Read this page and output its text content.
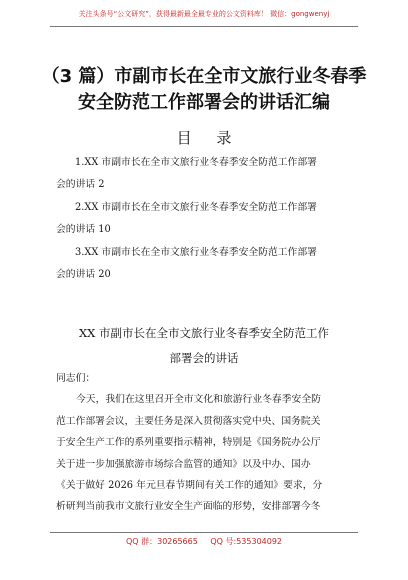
关注头条号“公文研究”，获得最新最全最专业的公文资料库！ 微信：gongwenyj
（3 篇）市副市长在全市文旅行业冬春季
安全防范工作部署会的讲话汇编
目 录
1.XX 市副市长在全市文旅行业冬春季安全防范工作部署
会的讲话 2
2.XX 市副市长在全市文旅行业冬春季安全防范工作部署
会的讲话 10
3.XX 市副市长在全市文旅行业冬春季安全防范工作部署
会的讲话 20
XX 市副市长在全市文旅行业冬春季安全防范工作
部署会的讲话
同志们：
今天，我们在这里召开全市文化和旅游行业冬春季安全防
范工作部署会议，主要任务是深入贯彻落实党中央、国务院关
于安全生产工作的系列重要指示精神，特别是《国务院办公厅
关于进一步加强旅游市场综合监管的通知》以及中办、国办
《关于做好 2026 年元旦春节期间有关工作的通知》要求，分
析研判当前我市文旅行业安全生产面临的形势，安排部署今冬
QQ 群：30265665 QQ 号:535304092
